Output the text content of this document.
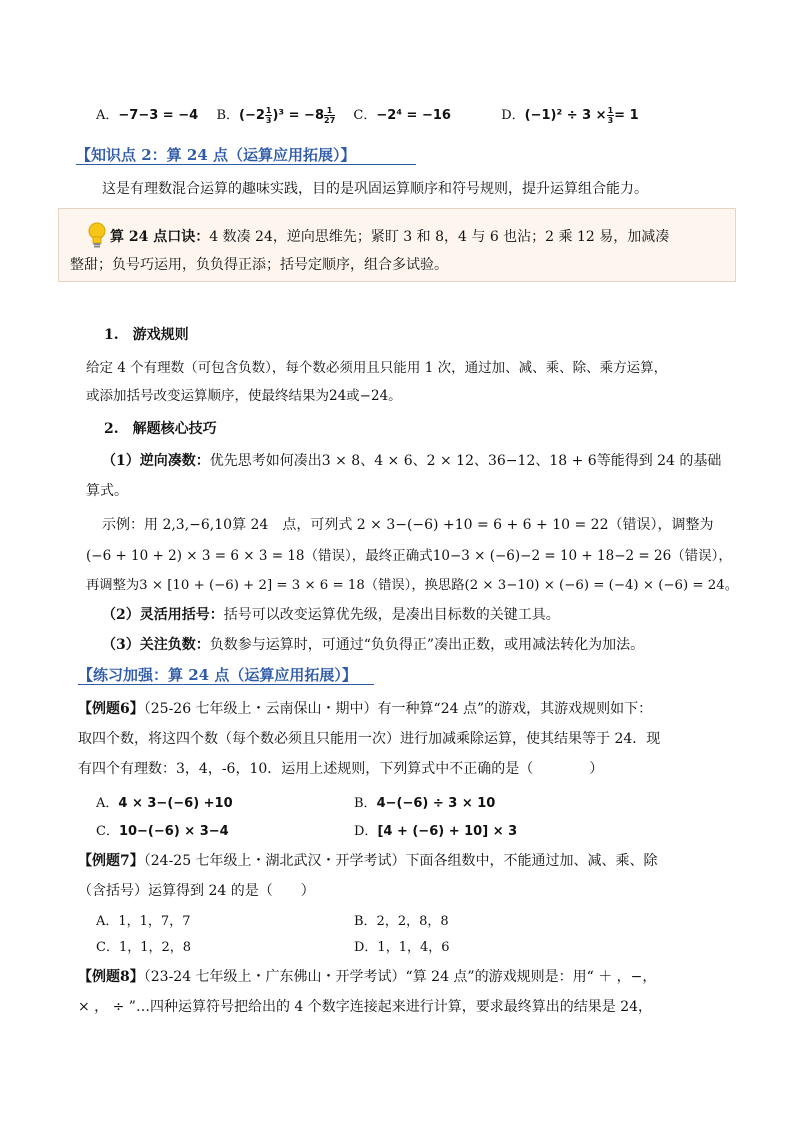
A．−7−3 = −4 B．$(-2 \frac{1}{3} )^3 = -8 \frac{1}{27}$ C．−2⁴ = −16	D．$(-1)^2 \div 3 \times \frac{1}{3} = 1$
【知识点 2：算 24 点（运算应用拓展）】
这是有理数混合运算的趣味实践，目的是巩固运算顺序和符号规则，提升运算组合能力。
算 24 点口诀：4 数凑 24，逆向思维先；紧盯 3 和 8，4 与 6 也沾；2 乘 12 易，加减凑
整甜；负号巧运用，负负得正添；括号定顺序，组合多试验。
1.　游戏规则
给定 4 个有理数（可包含负数），每个数必须用且只能用 1 次，通过加、减、乘、除、乘方运算，
或添加括号改变运算顺序，使最终结果为24或−24。
2.　解题核心技巧
（1）逆向凑数：优先思考如何凑出3 × 8、4 × 6、2 × 12、36−12、18 + 6等能得到 24 的基础
算式。
示例：用 2,3,−6,10算 24　点，可列式 2 × 3−(−6) +10 = 6 + 6 + 10 = 22（错误），调整为
(−6 + 10 + 2) × 3 = 6 × 3 = 18（错误），最终正确式10−3 × (−6)−2 = 10 + 18−2 = 26（错误），
再调整为3 × [10 + (−6) + 2] = 3 × 6 = 18（错误），换思路(2 × 3−10) × (−6) = (−4) × (−6) = 24。
（2）灵活用括号：括号可以改变运算优先级，是凑出目标数的关键工具。
（3）关注负数：负数参与运算时，可通过“负负得正”凑出正数，或用减法转化为加法。
【练习加强：算 24 点（运算应用拓展）】
【例题6】（25-26 七年级上・云南保山・期中）有一种算“24 点”的游戏，其游戏规则如下：
取四个数，将这四个数（每个数必须且只能用一次）进行加减乘除运算，使其结果等于 24．现
有四个有理数：3，4，-6，10．运用上述规则，下列算式中不正确的是（　　　　）
A．4 × 3−(−6) +10	B．4−(−6) ÷ 3 × 10
C．10−(−6) × 3−4	D．[4 + (−6) + 10] × 3
【例题7】（24-25 七年级上・湖北武汉・开学考试）下面各组数中，不能通过加、减、乘、除
（含括号）运算得到 24 的是（　　）
A．1，1，7，7	B．2，2，8，8
C．1，1，2，8	D．1，1，4，6
【例题8】（23-24 七年级上・广东佛山・开学考试）“算 24 点”的游戏规则是：用“ ＋ ，−，
× ， ÷ ”…四种运算符号把给出的 4 个数字连接起来进行计算，要求最终算出的结果是 24，
